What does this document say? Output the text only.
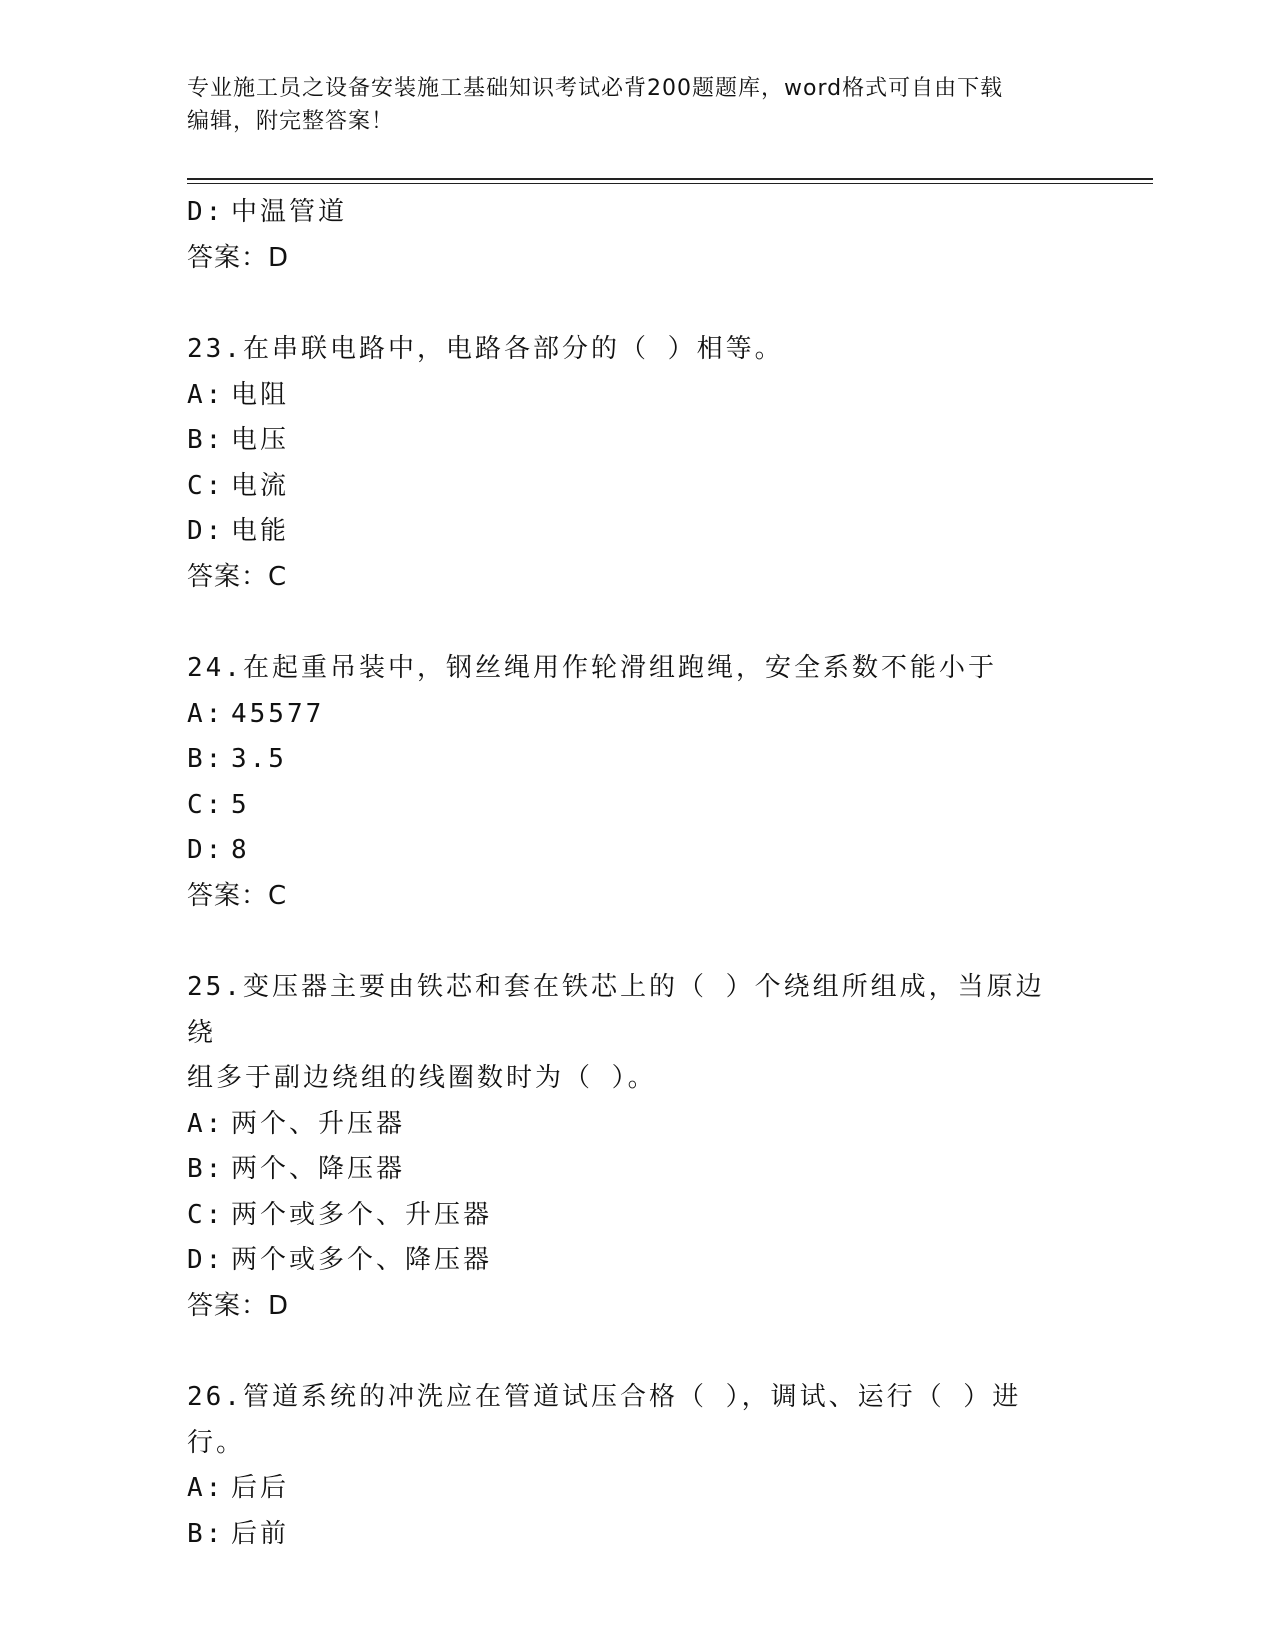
专业施工员之设备安装施工基础知识考试必背200题题库，word格式可自由下载
编辑，附完整答案！
D: 中温管道
答案：D
23.在串联电路中，电路各部分的（ ）相等。
A: 电阻
B: 电压
C: 电流
D: 电能
答案：C
24.在起重吊装中，钢丝绳用作轮滑组跑绳，安全系数不能小于
A: 45577
B: 3.5
C: 5
D: 8
答案：C
25.变压器主要由铁芯和套在铁芯上的（ ）个绕组所组成，当原边绕
组多于副边绕组的线圈数时为（ ）。
A: 两个、升压器
B: 两个、降压器
C: 两个或多个、升压器
D: 两个或多个、降压器
答案：D
26.管道系统的冲洗应在管道试压合格（ ），调试、运行（ ）进行。
A: 后后
B: 后前
